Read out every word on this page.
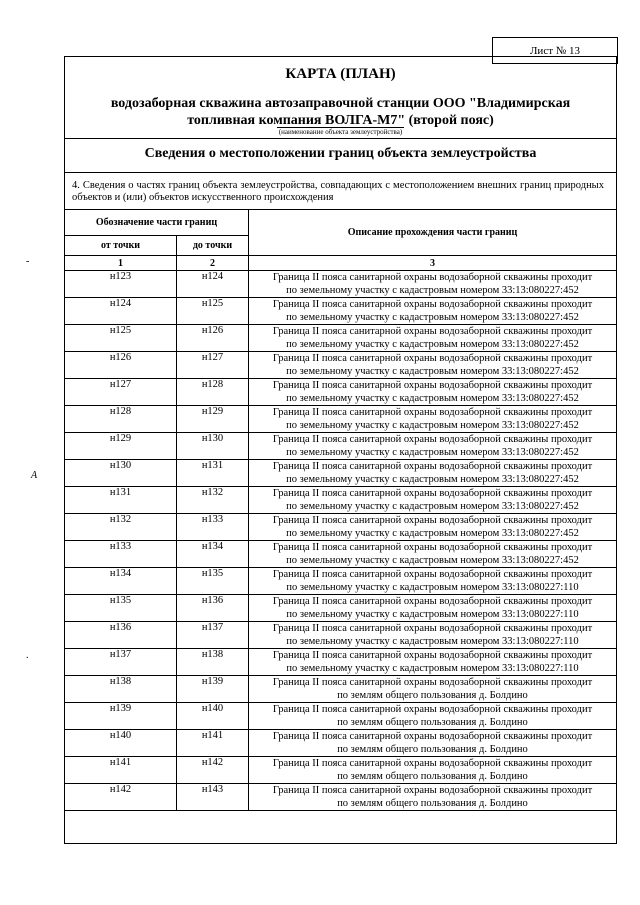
Лист № 13
КАРТА (ПЛАН)
водозаборная скважина автозаправочной станции ООО "Владимирская
топливная компания ВОЛГА-М7" (второй пояс)
(наименование объекта землеустройства)
Сведения о местоположении границ объекта землеустройства
4. Сведения о частях границ объекта землеустройства, совпадающих с местоположением внешних границ природных объектов и (или) объектов искусственного происхождения
Обозначение части границ		Описание прохождения части границ
от точки	до точки	
1	2	3
н123	н124	Граница II пояса санитарной охраны водозаборной скважины проходит
по земельному участку с кадастровым номером 33:13:080227:452

н124	н125	Граница II пояса санитарной охраны водозаборной скважины проходит
по земельному участку с кадастровым номером 33:13:080227:452

н125	н126	Граница II пояса санитарной охраны водозаборной скважины проходит
по земельному участку с кадастровым номером 33:13:080227:452

н126	н127	Граница II пояса санитарной охраны водозаборной скважины проходит
по земельному участку с кадастровым номером 33:13:080227:452

н127	н128	Граница II пояса санитарной охраны водозаборной скважины проходит
по земельному участку с кадастровым номером 33:13:080227:452

н128	н129	Граница II пояса санитарной охраны водозаборной скважины проходит
по земельному участку с кадастровым номером 33:13:080227:452

н129	н130	Граница II пояса санитарной охраны водозаборной скважины проходит
по земельному участку с кадастровым номером 33:13:080227:452

н130	н131	Граница II пояса санитарной охраны водозаборной скважины проходит
по земельному участку с кадастровым номером 33:13:080227:452

н131	н132	Граница II пояса санитарной охраны водозаборной скважины проходит
по земельному участку с кадастровым номером 33:13:080227:452

н132	н133	Граница II пояса санитарной охраны водозаборной скважины проходит
по земельному участку с кадастровым номером 33:13:080227:452

н133	н134	Граница II пояса санитарной охраны водозаборной скважины проходит
по земельному участку с кадастровым номером 33:13:080227:452

н134	н135	Граница II пояса санитарной охраны водозаборной скважины проходит
по земельному участку с кадастровым номером 33:13:080227:110

н135	н136	Граница II пояса санитарной охраны водозаборной скважины проходит
по земельному участку с кадастровым номером 33:13:080227:110

н136	н137	Граница II пояса санитарной охраны водозаборной скважины проходит
по земельному участку с кадастровым номером 33:13:080227:110

н137	н138	Граница II пояса санитарной охраны водозаборной скважины проходит
по земельному участку с кадастровым номером 33:13:080227:110

н138	н139	Граница II пояса санитарной охраны водозаборной скважины проходит
по землям общего пользования д. Болдино

н139	н140	Граница II пояса санитарной охраны водозаборной скважины проходит
по землям общего пользования д. Болдино

н140	н141	Граница II пояса санитарной охраны водозаборной скважины проходит
по землям общего пользования д. Болдино

н141	н142	Граница II пояса санитарной охраны водозаборной скважины проходит
по землям общего пользования д. Болдино

н142	н143	Граница II пояса санитарной охраны водозаборной скважины проходит
по землям общего пользования д. Болдино
-
A
.
